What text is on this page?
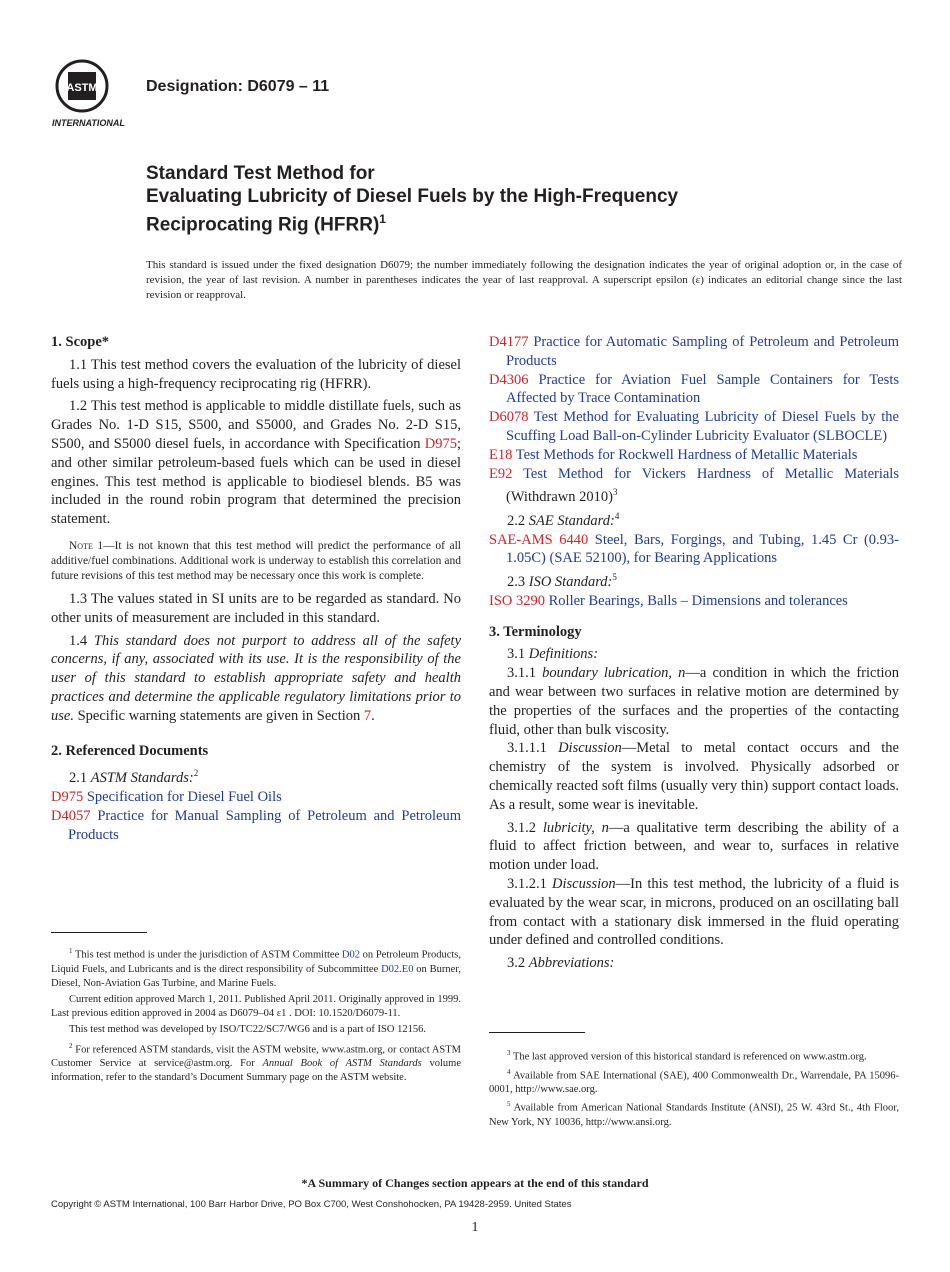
ASTM
INTERNATIONAL
Designation: D6079 – 11
Standard Test Method for
Evaluating Lubricity of Diesel Fuels by the High-Frequency
Reciprocating Rig (HFRR)$^1$
This standard is issued under the fixed designation D6079; the number immediately following the designation indicates the year of original adoption or, in the case of revision, the year of last revision. A number in parentheses indicates the year of last reapproval. A superscript epsilon (ε) indicates an editorial change since the last revision or reapproval.

1. Scope*

1.1 This test method covers the evaluation of the lubricity of diesel fuels using a high-frequency reciprocating rig (HFRR).

1.2 This test method is applicable to middle distillate fuels, such as Grades No. 1-D S15, S500, and S5000, and Grades No. 2-D S15, S500, and S5000 diesel fuels, in accordance with Specification D975; and other similar petroleum-based fuels which can be used in diesel engines. This test method is applicable to biodiesel blends. B5 was included in the round robin program that determined the precision statement.

Note 1—It is not known that this test method will predict the performance of all additive/fuel combinations. Additional work is underway to establish this correlation and future revisions of this test method may be necessary once this work is complete.

1.3 The values stated in SI units are to be regarded as standard. No other units of measurement are included in this standard.

1.4 This standard does not purport to address all of the safety concerns, if any, associated with its use. It is the responsibility of the user of this standard to establish appropriate safety and health practices and determine the applicable regulatory limitations prior to use. Specific warning statements are given in Section 7.

2. Referenced Documents

2.1 ASTM Standards:$^2$

D975 Specification for Diesel Fuel Oils

D4057 Practice for Manual Sampling of Petroleum and Petroleum Products

$^1$ This test method is under the jurisdiction of ASTM Committee D02 on Petroleum Products, Liquid Fuels, and Lubricants and is the direct responsibility of Subcommittee D02.E0 on Burner, Diesel, Non-Aviation Gas Turbine, and Marine Fuels.

Current edition approved March 1, 2011. Published April 2011. Originally approved in 1999. Last previous edition approved in 2004 as D6079–04 ε1 . DOI: 10.1520/D6079-11.

This test method was developed by ISO/TC22/SC7/WG6 and is a part of ISO 12156.

$^2$ For referenced ASTM standards, visit the ASTM website, www.astm.org, or contact ASTM Customer Service at service@astm.org. For Annual Book of ASTM Standards volume information, refer to the standard’s Document Summary page on the ASTM website.

D4177 Practice for Automatic Sampling of Petroleum and Petroleum Products

D4306 Practice for Aviation Fuel Sample Containers for Tests Affected by Trace Contamination

D6078 Test Method for Evaluating Lubricity of Diesel Fuels by the Scuffing Load Ball-on-Cylinder Lubricity Evaluator (SLBOCLE)

E18 Test Methods for Rockwell Hardness of Metallic Materials

E92 Test Method for Vickers Hardness of Metallic Materials (Withdrawn 2010)$^3$

2.2 SAE Standard:$^4$

SAE-AMS 6440 Steel, Bars, Forgings, and Tubing, 1.45 Cr (0.93-1.05C) (SAE 52100), for Bearing Applications

2.3 ISO Standard:$^5$

ISO 3290 Roller Bearings, Balls – Dimensions and tolerances

3. Terminology

3.1 Definitions:

3.1.1 boundary lubrication, n—a condition in which the friction and wear between two surfaces in relative motion are determined by the properties of the surfaces and the properties of the contacting fluid, other than bulk viscosity.

3.1.1.1 Discussion—Metal to metal contact occurs and the chemistry of the system is involved. Physically adsorbed or chemically reacted soft films (usually very thin) support contact loads. As a result, some wear is inevitable.

3.1.2 lubricity, n—a qualitative term describing the ability of a fluid to affect friction between, and wear to, surfaces in relative motion under load.

3.1.2.1 Discussion—In this test method, the lubricity of a fluid is evaluated by the wear scar, in microns, produced on an oscillating ball from contact with a stationary disk immersed in the fluid operating under defined and controlled conditions.

3.2 Abbreviations:

$^3$ The last approved version of this historical standard is referenced on www.astm.org.

$^4$ Available from SAE International (SAE), 400 Commonwealth Dr., Warrendale, PA 15096-0001, http://www.sae.org.

$^5$ Available from American National Standards Institute (ANSI), 25 W. 43rd St., 4th Floor, New York, NY 10036, http://www.ansi.org.

*A Summary of Changes section appears at the end of this standard
Copyright © ASTM International, 100 Barr Harbor Drive, PO Box C700, West Conshohocken, PA 19428-2959. United States
1
